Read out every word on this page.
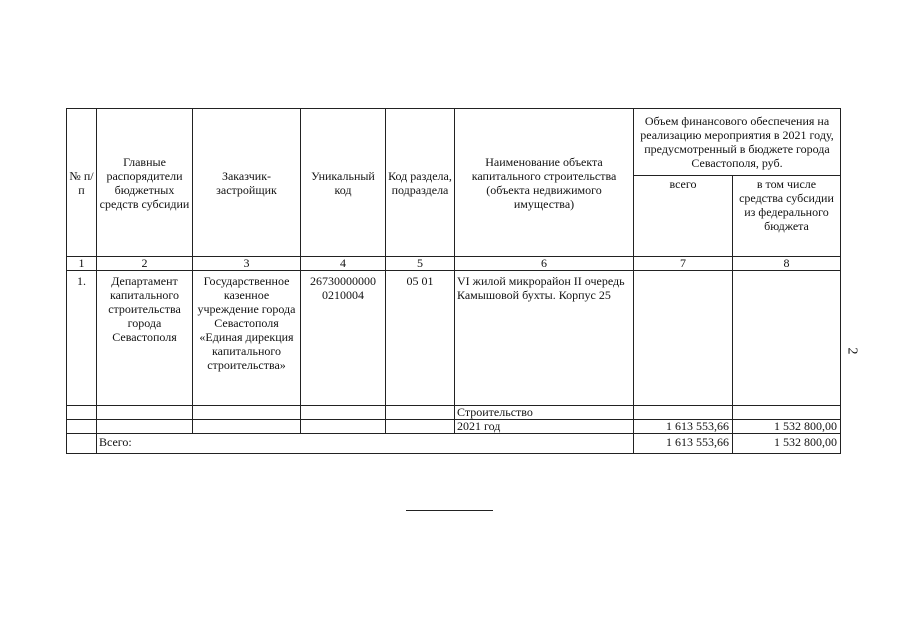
№ п/п	Главные распорядители бюджетных средств субсидии	Заказчик-застройщик	Уникальный код	Код раздела, подраздела	Наименование объекта капитального строительства (объекта недвижимого имущества)	Объем финансового обеспечения на реализацию мероприятия в 2021 году, предусмотренный в бюджете города Севастополя, руб.	
						всего	в том числе средства субсидии из федерального бюджета
1	2	3	4	5	6	7	8
1.	Департамент капитального строительства города Севастополя	Государственное казенное учреждение города Севастополя «Единая дирекция капитального строительства»	26730000000 0210004	05 01	VI жилой микрорайон II очередь Камышовой бухты. Корпус 25		
					Строительство		
					2021 год	1 613 553,66	1 532 800,00
	Всего:					1 613 553,66	1 532 800,00
2
